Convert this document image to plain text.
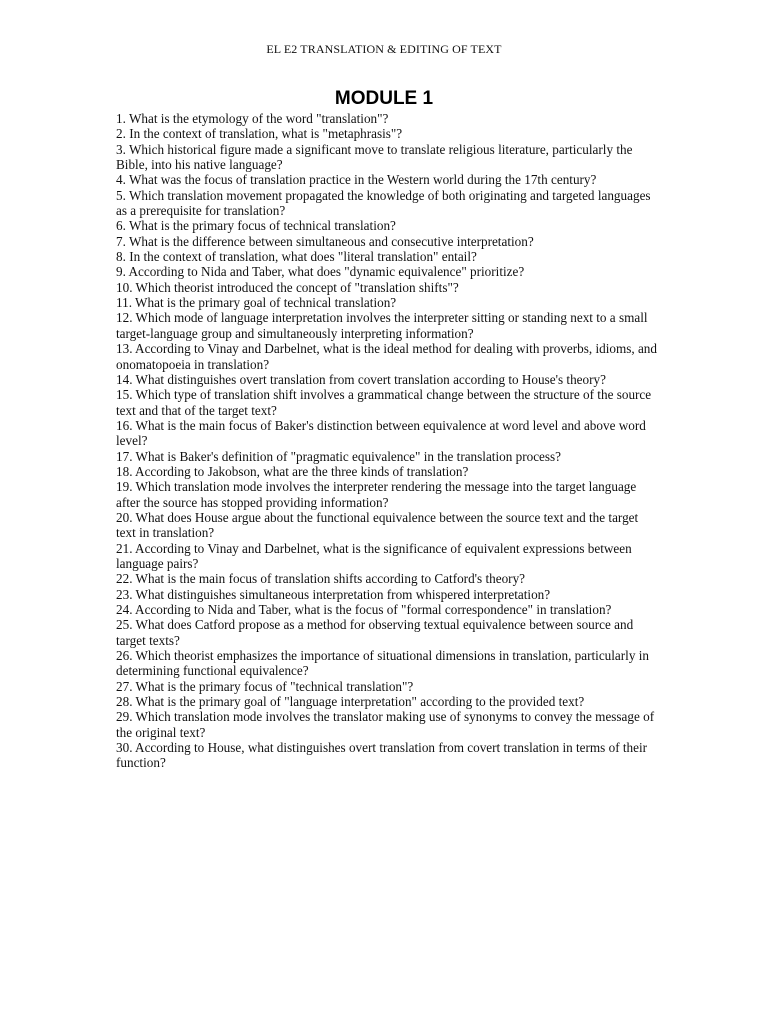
EL E2 TRANSLATION & EDITING OF TEXT
MODULE 1
1. What is the etymology of the word "translation"?
2. In the context of translation, what is "metaphrasis"?
3. Which historical figure made a significant move to translate religious literature, particularly the Bible, into his native language?
4. What was the focus of translation practice in the Western world during the 17th century?
5. Which translation movement propagated the knowledge of both originating and targeted languages as a prerequisite for translation?
6. What is the primary focus of technical translation?
7. What is the difference between simultaneous and consecutive interpretation?
8. In the context of translation, what does "literal translation" entail?
9. According to Nida and Taber, what does "dynamic equivalence" prioritize?
10. Which theorist introduced the concept of "translation shifts"?
11. What is the primary goal of technical translation?
12. Which mode of language interpretation involves the interpreter sitting or standing next to a small target-language group and simultaneously interpreting information?
13. According to Vinay and Darbelnet, what is the ideal method for dealing with proverbs, idioms, and onomatopoeia in translation?
14. What distinguishes overt translation from covert translation according to House's theory?
15. Which type of translation shift involves a grammatical change between the structure of the source text and that of the target text?
16. What is the main focus of Baker's distinction between equivalence at word level and above word level?
17. What is Baker's definition of "pragmatic equivalence" in the translation process?
18. According to Jakobson, what are the three kinds of translation?
19. Which translation mode involves the interpreter rendering the message into the target language after the source has stopped providing information?
20. What does House argue about the functional equivalence between the source text and the target text in translation?
21. According to Vinay and Darbelnet, what is the significance of equivalent expressions between language pairs?
22. What is the main focus of translation shifts according to Catford's theory?
23. What distinguishes simultaneous interpretation from whispered interpretation?
24. According to Nida and Taber, what is the focus of "formal correspondence" in translation?
25. What does Catford propose as a method for observing textual equivalence between source and target texts?
26. Which theorist emphasizes the importance of situational dimensions in translation, particularly in determining functional equivalence?
27. What is the primary focus of "technical translation"?
28. What is the primary goal of "language interpretation" according to the provided text?
29. Which translation mode involves the translator making use of synonyms to convey the message of the original text?
30. According to House, what distinguishes overt translation from covert translation in terms of their function?
